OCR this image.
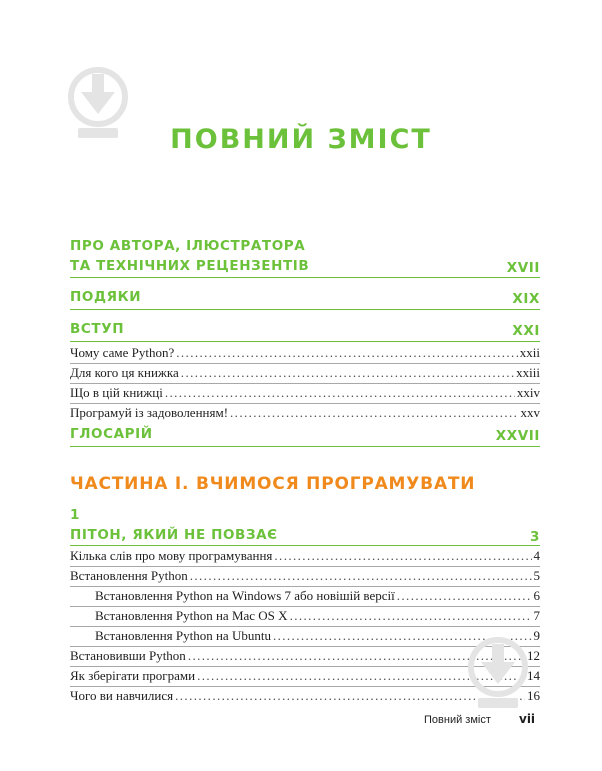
ПОВНИЙ ЗМІСТ
ПРО АВТОРА, ІЛЮСТРАТОРА
ТА ТЕХНІЧНИХ РЕЦЕНЗЕНТІВ	XVII
ПОДЯКИ	XIX
ВСТУП	XXI
Чому саме Python? .....	xxii
Для кого ця книжка .....	xxiii
Що в цій книжці .....	xxiv
Програмуй із задоволенням! .....	xxv
ГЛОСАРІЙ	XXVII
ЧАСТИНА I. ВЧИМОСЯ ПРОГРАМУВАТИ
1
ПІТОН, ЯКИЙ НЕ ПОВЗАЄ	3
Кілька слів про мову програмування .....	4
Встановлення Python .....	5
Встановлення Python на Windows 7 або новішій версії .....	6
Встановлення Python на Mac OS X .....	7
Встановлення Python на Ubuntu .....	9
Встановивши Python .....	12
Як зберігати програми .....	14
Чого ви навчилися .....	16
Повний зміст vii
